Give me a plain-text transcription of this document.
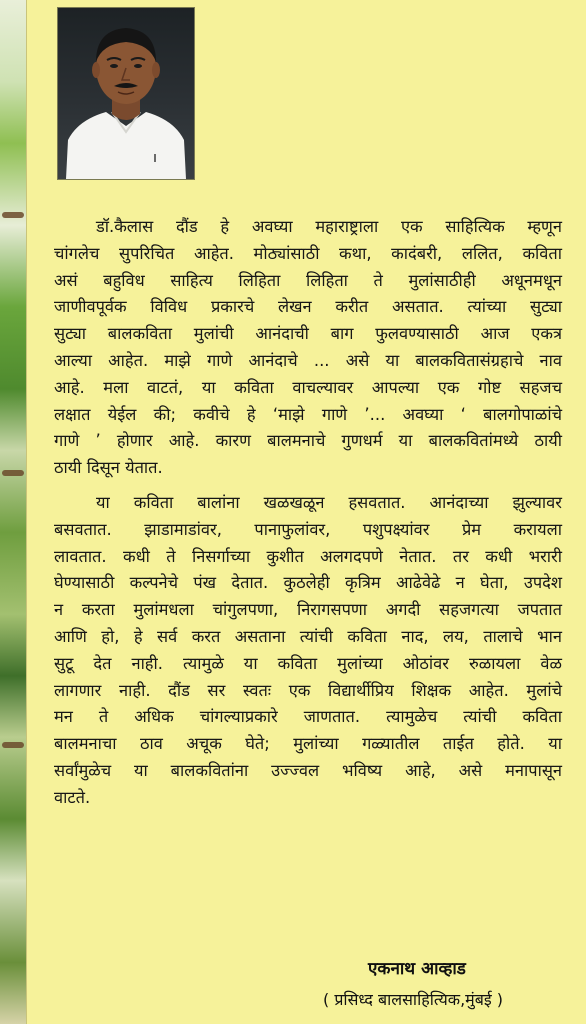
डॉ.कैलास दौंड हे अवघ्या महाराष्ट्राला एक साहित्यिक म्हणून
चांगलेच सुपरिचित आहेत. मोठ्यांसाठी कथा, कादंबरी, ललित, कविता
असं बहुविध साहित्य लिहिता लिहिता ते मुलांसाठीही अधूनमधून
जाणीवपूर्वक विविध प्रकारचे लेखन करीत असतात. त्यांच्या सुट्या
सुट्या बालकविता मुलांची आनंदाची बाग फुलवण्यासाठी आज एकत्र
आल्या आहेत. माझे गाणे आनंदाचे ... असे या बालकवितासंग्रहाचे नाव
आहे. मला वाटतं, या कविता वाचल्यावर आपल्या एक गोष्ट सहजच
लक्षात येईल की; कवीचे हे ‘माझे गाणे ’... अवघ्या ‘ बालगोपाळांचे
गाणे ’ होणार आहे. कारण बालमनाचे गुणधर्म या बालकवितांमध्ये ठायी
ठायी दिसून येतात.

या कविता बालांना खळखळून हसवतात. आनंदाच्या झुल्यावर
बसवतात. झाडामाडांवर, पानाफुलांवर, पशुपक्ष्यांवर प्रेम करायला
लावतात. कधी ते निसर्गाच्या कुशीत अलगदपणे नेतात. तर कधी भरारी
घेण्यासाठी कल्पनेचे पंख देतात. कुठलेही कृत्रिम आढेवेढे न घेता, उपदेश
न करता मुलांमधला चांगुलपणा, निरागसपणा अगदी सहजगत्या जपतात
आणि हो, हे सर्व करत असताना त्यांची कविता नाद, लय, तालाचे भान
सुटू देत नाही. त्यामुळे या कविता मुलांच्या ओठांवर रुळायला वेळ
लागणार नाही. दौंड सर स्वतः एक विद्यार्थीप्रिय शिक्षक आहेत. मुलांचे
मन ते अधिक चांगल्याप्रकारे जाणतात. त्यामुळेच त्यांची कविता
बालमनाचा ठाव अचूक घेते; मुलांच्या गळ्यातील ताईत होते. या
सर्वांमुळेच या बालकवितांना उज्ज्वल भविष्य आहे, असे मनापासून
वाटते.

एकनाथ आव्हाड
( प्रसिध्द बालसाहित्यिक,मुंबई )
